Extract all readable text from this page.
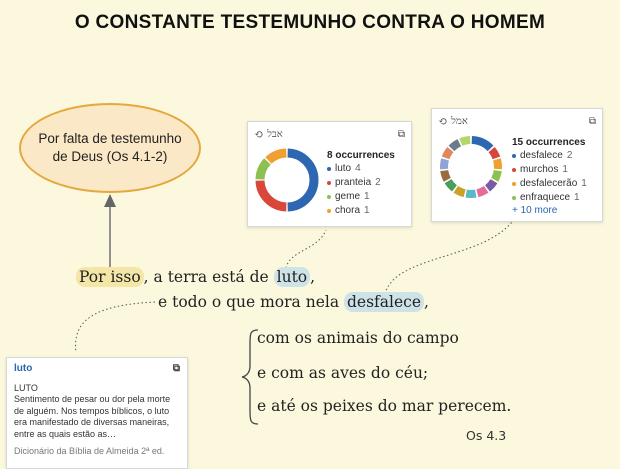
O CONSTANTE TESTEMUNHO CONTRA O HOMEM
Por falta de testemunho de Deus (Os 4.1-2)
⟲ אבל	⧉
8 occurrences
luto 4
pranteia 2
geme 1
chora 1
⟲ אמל	⧉
15 occurrences
desfalece 2
murchos 1
desfalecerão 1
enfraquece 1
+ 10 more
Por isso , a terra está de luto ,
e todo o que mora nela desfalece ,
com os animais do campo
e com as aves do céu;
e até os peixes do mar perecem.
Os 4.3
luto	⧉
LUTO
Sentimento de pesar ou dor pela morte de alguém. Nos tempos bíblicos, o luto era manifestado de diversas maneiras, entre as quais estão as…
Dicionário da Bíblia de Almeida 2ª ed.
